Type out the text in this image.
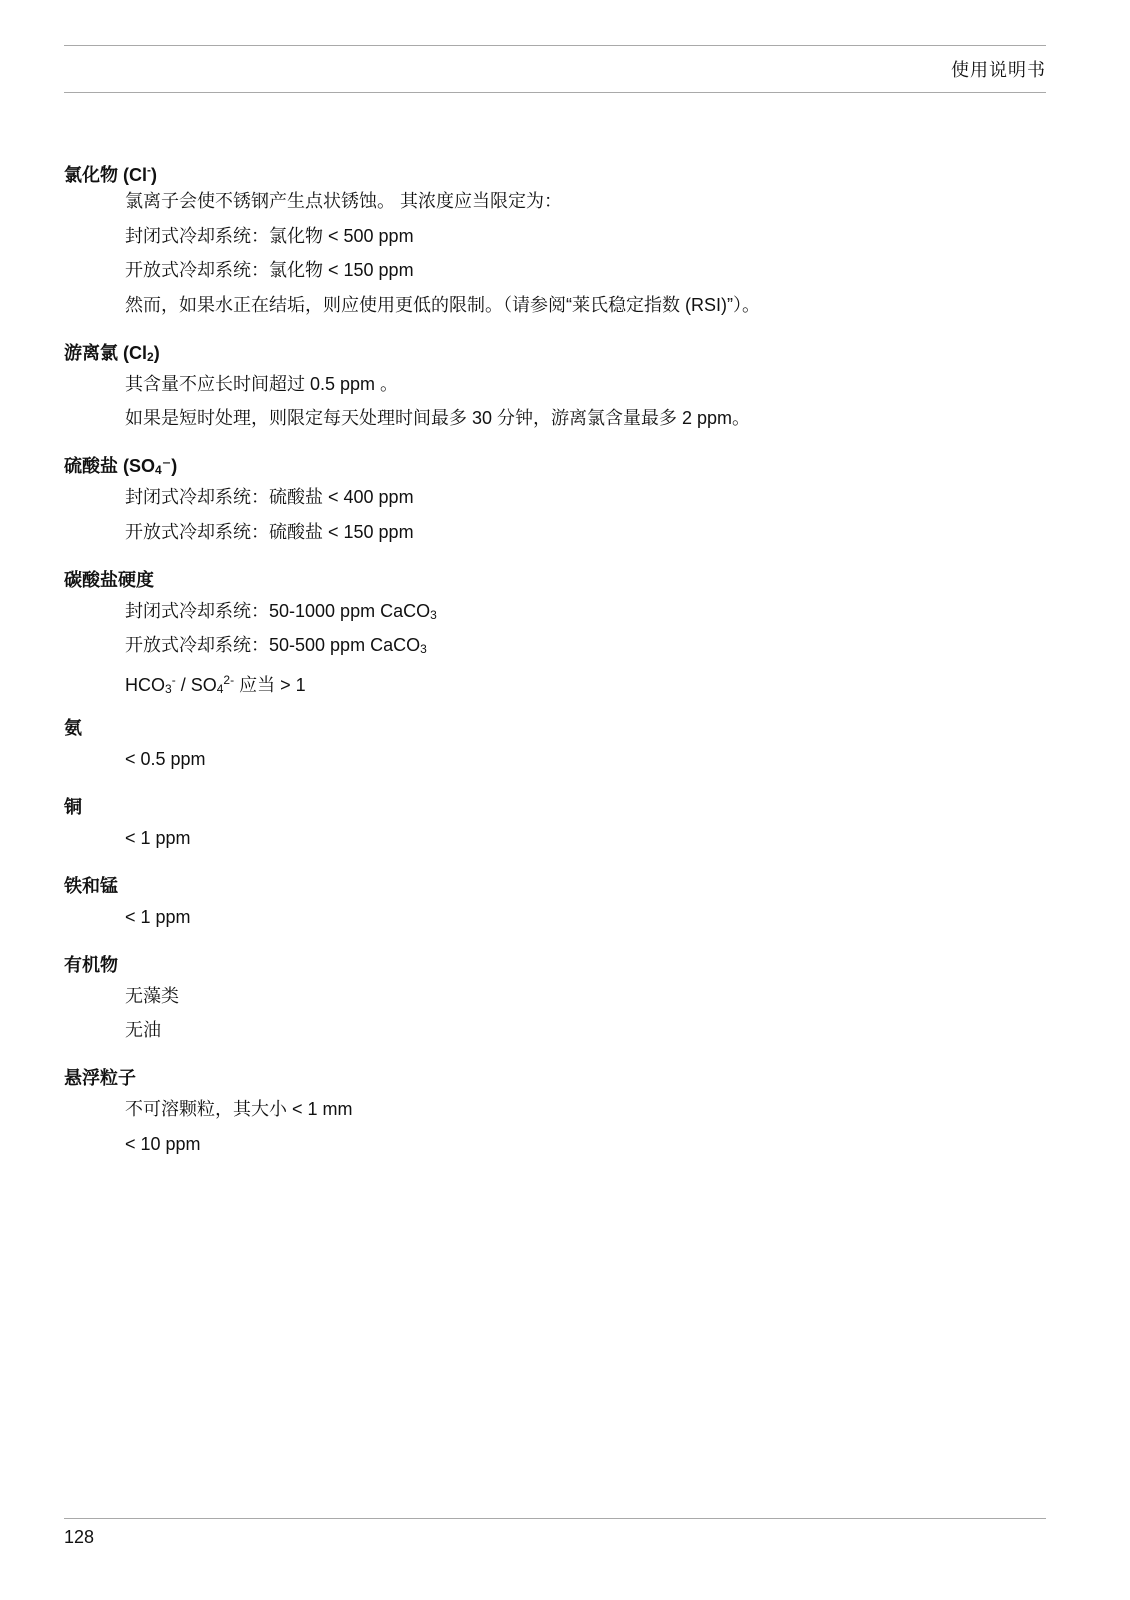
使用说明书
氯化物 (Cl-)
氯离子会使不锈钢产生点状锈蚀。 其浓度应当限定为：
封闭式冷却系统：氯化物 < 500 ppm
开放式冷却系统：氯化物 < 150 ppm
然而，如果水正在结垢，则应使用更低的限制。（请参阅“莱氏稳定指数 (RSI)”）。
游离氯 (Cl2)
其含量不应长时间超过 0.5 ppm 。
如果是短时处理，则限定每天处理时间最多 30 分钟，游离氯含量最多 2 ppm。
硫酸盐 (SO4⁻)
封闭式冷却系统：硫酸盐 < 400 ppm
开放式冷却系统：硫酸盐 < 150 ppm
碳酸盐硬度
封闭式冷却系统：50-1000 ppm CaCO3
开放式冷却系统：50-500 ppm CaCO3
$HCO3^- / SO4^{2-}$ 应当 > 1
氨
< 0.5 ppm
铜
< 1 ppm
铁和锰
< 1 ppm
有机物
无藻类
无油
悬浮粒子
不可溶颗粒，其大小 < 1 mm
< 10 ppm
128
